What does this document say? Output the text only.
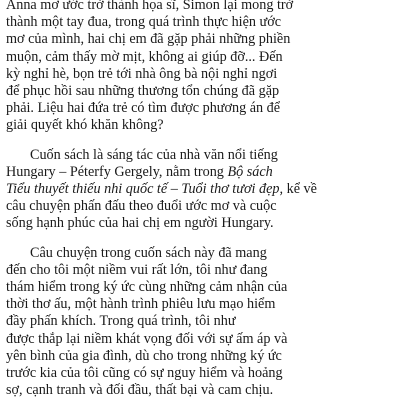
Anna mơ ước trở thành họa sĩ, Simon lại mong trở
thành một tay đua, trong quá trình thực hiện ước
mơ của mình, hai chị em đã gặp phải những phiền
muộn, cảm thấy mờ mịt, không ai giúp đỡ... Đến
kỳ nghỉ hè, bọn trẻ tới nhà ông bà nội nghỉ ngơi
để phục hồi sau những thương tổn chúng đã gặp
phải. Liệu hai đứa trẻ có tìm được phương án để
giải quyết khó khăn không?
Cuốn sách là sáng tác của nhà văn nổi tiếng
Hungary – Péterfy Gergely, nằm trong Bộ sách
Tiểu thuyết thiếu nhi quốc tế – Tuổi thơ tươi đẹp, kể về
câu chuyện phấn đấu theo đuổi ước mơ và cuộc
sống hạnh phúc của hai chị em người Hungary.
Câu chuyện trong cuốn sách này đã mang
đến cho tôi một niềm vui rất lớn, tôi như đang
thám hiểm trong ký ức cùng những cảm nhận của
thời thơ ấu, một hành trình phiêu lưu mạo hiểm
đầy phấn khích. Trong quá trình, tôi như
được thắp lại niềm khát vọng đối với sự ấm áp và
yên bình của gia đình, dù cho trong những ký ức
trước kia của tôi cũng có sự nguy hiểm và hoảng
sợ, cạnh tranh và đối đầu, thất bại và cam chịu.
